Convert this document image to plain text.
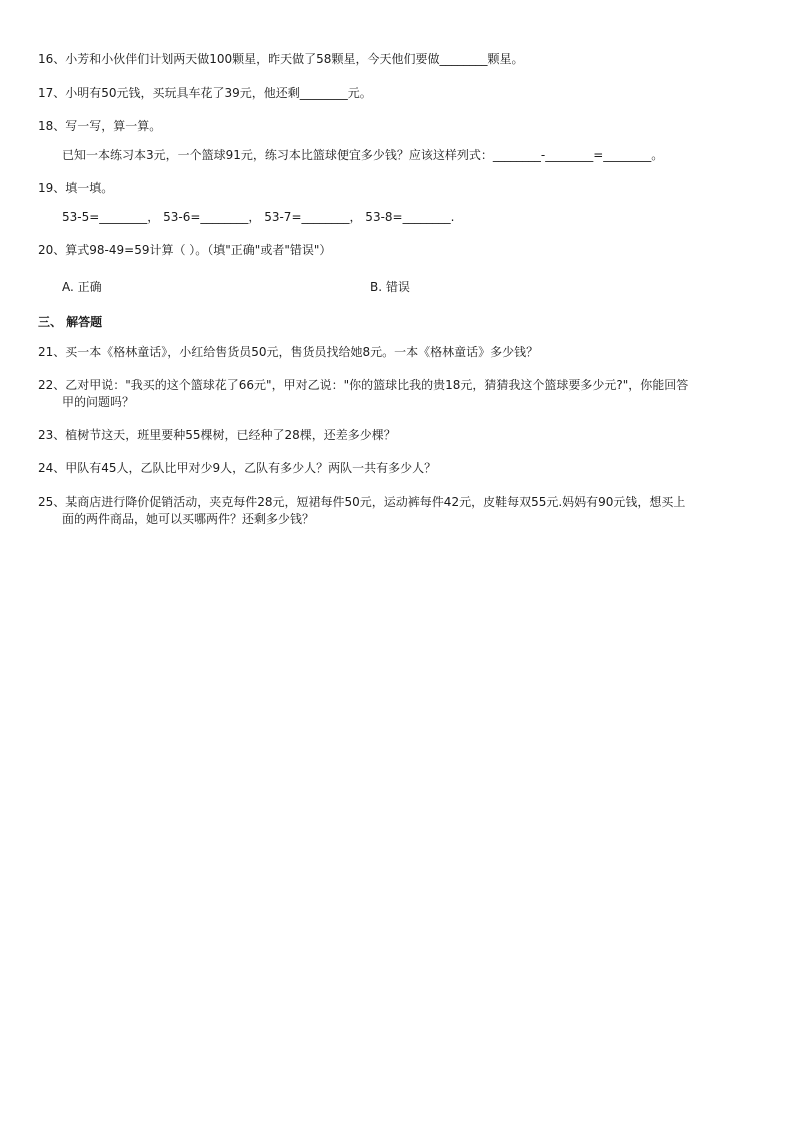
16、小芳和小伙伴们计划两天做100颗星，昨天做了58颗星，今天他们要做________颗星。
17、小明有50元钱，买玩具车花了39元，他还剩________元。
18、写一写，算一算。
已知一本练习本3元，一个篮球91元，练习本比篮球便宜多少钱？应该这样列式：________-________=________。
19、填一填。
53-5=________， 53-6=________， 53-7=________， 53-8=________.
20、算式98-49=59计算（ ）。（填"正确"或者"错误"）
A. 正确	B. 错误
三、 解答题
21、买一本《格林童话》，小红给售货员50元，售货员找给她8元。一本《格林童话》多少钱？
22、乙对甲说："我买的这个篮球花了66元"，甲对乙说："你的篮球比我的贵18元，猜猜我这个篮球要多少元?"，你能回答
甲的问题吗？
23、植树节这天，班里要种55棵树，已经种了28棵，还差多少棵？
24、甲队有45人，乙队比甲对少9人，乙队有多少人？两队一共有多少人？
25、某商店进行降价促销活动，夹克每件28元，短裙每件50元，运动裤每件42元，皮鞋每双55元.妈妈有90元钱，想买上
面的两件商品，她可以买哪两件？还剩多少钱？
